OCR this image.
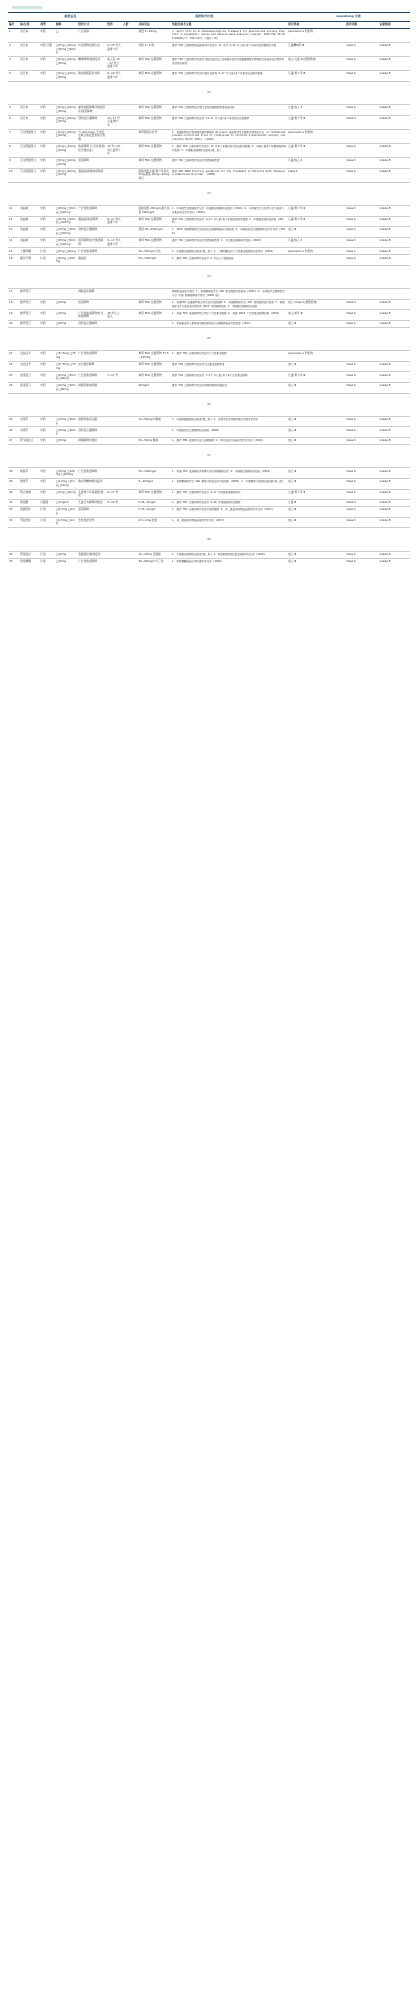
	病患信息					服药时序内容			xiaosheng 分级		
编号	病名/组	剂型	辅料	给药方式	给药	人群	具体用法	依据及参考文献	研究机构	推荐等级	证据级别
1	双日本	中药	□	广泛疾病			剂量 5~10mg	J. April Chin et al.Phenomenological framework for generalized anxiety disorder: a systematic review and network meta-analysis [Lancet. 2020 Feb 29;395(10225):P. 160-167]. (国外一项)	piscosedo e 科机构		
2	双日本	中药 口服	□5mg □10mg □30mg □60mg	巧述药物疾病诊治	6~15 岁儿童青少年		连续 2~3 周	推荐 FDA 注册药物经临床研究疗效治疗 12 月内 6~14 岁儿童/青少年症状时需要规范方案	儿童精神科 Ⅲ	Class Ⅱ	Grade B
3	双日本	中药	□5mg □10mg □30mg	精神障碍/焦虑症状	成人及 15~17 岁儿童青少年		单用 FDA 注册药物	推荐 FDA 注册药物疗效治疗(相比安慰剂),经年随访资料及依据整理提示精神症状疾病诊治过程持续治疗相关研究;	成人/儿童 Ⅲ (德国机构)	Class Ⅱ	Grade B
4	双日本	中药	□5mg □10mg □30mg	焦虑抑郁症状共病	6~16 岁儿童青少年		单用 FDA 注册药物	推荐 FDA 注册药物疗效治疗相比安慰剂 6~17 岁儿童/青少年焦虑诊治研究数据	儿童/青少年 Ⅲ	Class Ⅱ	Grade B
02											
5	双日本	中药	□5mg □10mg □30mg	重性抑郁障碍伴焦虑症状/惊恐障碍			单用 FDA 注册药物	推荐 FDA 注册药物治疗组于重症抑郁障碍患者临床试验	儿童/成人 Ⅱ	Class Ⅱ	Grade B
6	双日本	中药	□5mg □10mg □30mg	创伤后应激障碍	13~17 岁儿童/青少年		单用 FDA 注册药物	推荐 FDA 注册药物疗效治疗 13~17 岁儿童/青少年创伤后应激障碍	儿童/青少年 Ⅲ	Class Ⅱ	Grade B
7	艾司西酞普兰	中药	□5mg □10mg □20mg	与 (Clinician) 专业医生联合焦虑量表综合管理			单用医院诊疗学	1. 依据医院诊疗指南规范推荐精神科 Wijlaars 临床研究基于随机对照试验方法 (A randomized placebo-controlled trial of citalopram in children's/adolescent anxiety comorbidity Month 2021). (2019)	piscosedo e 科机构		
8	艾司西酞普兰	中药	□5mg □10mg □20mg	焦虑障碍 (广泛性焦虑/社交焦虑症)	15 岁~18 岁儿童青少年		单用 FDA 注册药物	1. 推荐 FDA 注册药物疗效治疗 12 岁青少年焦虑症状诊治研究数据 2. 中国儿童青少年精神障碍诊疗指南 3. 中国焦虑障碍防治指南(第二版)	儿童/青少年 Ⅲ	Class Ⅱ	Grade B
9	艾司西酞普兰	中药	□5mg □10mg □20mg	惊恐障碍			单用 FDA 注册药物	推荐 FDA 注册药物疗效治疗惊恐障碍患者	儿童/成人 Ⅱ	Class Ⅱ	Grade B
10	艾司西酞普兰	中药	□5mg □10mg □20mg	强迫症/抑郁共病焦虑			起始剂量儿童/青少年每天 5mg,最高 10mg~20mg 每日	推荐 APA 2009 Practice guideline for the Treatment of Patients With Obsessive-Compulsive Disorder. (2009)	Class Ⅱ	Class Ⅱ	Grade B
03											
11	舍曲林	中药	□25mg □50mg □100mg	广泛性焦虑障碍			起始剂量 25mg/d,最大剂量 200mg/d	1. 中华医学会精神医学分会《中国焦虑障碍防治指南》(2016) 2. 中华医学会儿科学分会儿童青少年焦虑诊治专家共识 (2019)	儿童/青少年 Ⅲ	Class Ⅱ	Grade B
12	舍曲林	中药	□25mg □50mg □100mg	强迫症/焦虑障碍	6~17 岁儿童青少年		单用 FDA 注册药物	推荐 FDA 注册药物疗效治疗 6~17 岁儿童/青少年强迫症研究数据 2. 中国强迫症防治指南 (2016)	儿童/青少年 Ⅲ	Class Ⅱ	Grade B
13	舍曲林	中药	□25mg □50mg □100mg	创伤后应激障碍			剂量 50~200mg/d	1. 2019 美国精神医学会创伤后应激障碍临床实践指南 2. 中国创伤后应激障碍防治专家共识 (2020)	成人 Ⅲ	Class Ⅱ	Grade B
14	舍曲林	中药	□25mg □50mg □100mg	惊恐障碍/社交焦虑障碍	6~17 岁儿童青少年		单用 FDA 注册药物	推荐 FDA 注册药物疗效治疗惊恐障碍患者 2. 社交焦虑障碍诊疗指南 (2018)	儿童/成人 Ⅱ	Class Ⅱ	Grade B
15	丁螺环酮	片剂	□5mg □10mg	广泛性焦虑障碍			20~30mg/d 分次	1. 中国焦虑障碍防治指南(第二版) 2. 丁螺环酮治疗广泛性焦虑障碍的系统评价 (2019)	piscosedo e 科机构	Class Ⅱ	Grade B
16	氟伏沙明	片剂	□50mg □100mg	强迫症			50~300mg/d	1. 推荐 FDA 注册药物疗效治疗 8 岁以上儿童强迫症		Class Ⅱ	Grade B
04											
17	帕罗西汀			神经症性障碍				精神科临床诊疗规范 1. 美国精神医学会 APA 焦虑障碍实践指南 (2020) 2. 中华医学会精神医学分会 中国 精神障碍诊疗规范 (2020 版)			
18	帕罗西汀	中药	□20mg	惊恐障碍			单用 FDA 注册药物	1. 美国FDA 批准帕罗西汀用于治疗惊恐障碍 2. 美国精神医学会 APA 惊恐障碍治疗指南 3. 英国国家卫生与临床优化研究所 NICE 惊恐障碍指南 4. 中国焦虑障碍防治指南	成人 Class Ⅱ (德国机构)	Class Ⅱ	Grade B
19	帕罗西汀	中药	□20mg	广泛性焦虑障碍/社交焦虑障碍	18 岁以上成人		单用 FDA 注册药物	1. 美国 FDA 批准帕罗西汀用于广泛性焦虑障碍 2. 英国 NICE 广泛性焦虑障碍指南 (2019)	成人/老年 Ⅲ	Class Ⅱ	Grade B
20	帕罗西汀	中药	□20mg	创伤后应激障碍				1. 美国退伍军人事务部/国防部创伤后应激障碍临床实践指南 (2017)	成人 Ⅲ	Class Ⅱ	Grade B
05											
21	文拉法辛	中药	□37.5mg □75mg	广泛性焦虑障碍			单用 FDA 注册药物 37.5~225mg	1. 推荐 FDA 注册药物疗效治疗广泛性焦虑障碍	piscosedo e 科机构		
22	文拉法辛	中药	□37.5mg □75mg	社交焦虑障碍			单用 FDA 注册药物	推荐 FDA 注册药物疗效治疗社交焦虑障碍患者	成人 Ⅲ	Class Ⅱ	Grade B
23	度洛西汀	中药	□20mg □30mg □60mg	广泛性焦虑障碍	7~17 岁		单用 FDA 注册药物	推荐 FDA 注册药物疗效治疗 7~17 岁儿童/青少年广泛性焦虑障碍	儿童/青少年 Ⅲ	Class Ⅱ	Grade B
24	度洛西汀	中药	□20mg □30mg □60mg	抑郁伴躯体疼痛			60mg/d	推荐 FDA 注册药物疗效治疗抑郁伴躯体疼痛症状	成人 Ⅲ	Class Ⅱ	Grade B
06											
25	米氮平	中药	□15mg □30mg	抑郁伴焦虑失眠			15~45mg/d 睡前	1. 中国抑郁障碍防治指南(第二版) 2. 米氮平治疗抑郁伴焦虑失眠专家共识	成人 Ⅲ	Class Ⅱ	Grade B
26	米氮平	中药	□15mg □30mg	创伤后应激障碍				1. 中国创伤后应激障碍防治指南 (2020)	成人 Ⅲ	Class Ⅱ	Grade B
27	阿戈美拉汀	中药	□25mg	抑郁障碍伴焦虑			25~50mg 睡前	1. 推荐 EMA 批准用于成人抑郁障碍 2. 阿戈美拉汀临床应用专家共识 (2019)	成人 Ⅲ	Class Ⅱ	Grade B
07											
28	喹硫平	中药	□25mg □100mg □200mg	广泛性焦虑障碍			50~300mg/d	1. 美国 FDA 批准喹硫平缓释片用于抑郁辅助治疗 2. 中国焦虑障碍防治指南 (2016)	成人 Ⅲ	Class Ⅱ	Grade B
29	奥氮平	中药	□2.5mg □5mg □10mg	焦虑伴精神病性症状			5~20mg/d	1. 美国精神医学会 APA 精神分裂症治疗实践指南 (2020) 2. 中国精神分裂症防治指南(第二版)	成人 Ⅲ	Class Ⅱ	Grade B
30	阿立哌唑	中药	□5mg □10mg	儿童青少年易激惹/焦虑	6~17 岁		单用 FDA 注册药物	1. 推荐 FDA 注册药物疗效治疗 6~17 岁孤独症易激惹症状	儿童/青少年 Ⅲ	Class Ⅱ	Grade B
31	利培酮	口服液	□1mg/ml	儿童行为障碍伴焦虑	5~16 岁		0.25~3mg/d	1. 推荐 FDA 注册药物疗效治疗 5~16 岁孤独症相关易激惹	儿童 Ⅲ	Class Ⅱ	Grade B
32	氯硝西泮	片剂	□0.5mg □2mg	惊恐障碍			0.25~4mg/d	1. 推荐 FDA 注册药物疗效治疗惊恐障碍 2. 苯二氮䓬类药物临床使用专家共识 (2017)	成人 Ⅲ	Class Ⅱ	Grade B
33	劳拉西泮	片剂	□0.5mg □1mg	急性焦虑发作			0.5~2mg 按需	1. 苯二氮䓬类药物临床使用专家共识 (2017)	成人 Ⅲ	Class Ⅱ	Grade B
08											
34	普萘洛尔	片剂	□10mg	表演焦虑/躯体症状			10~40mg 表演前	1. 中国焦虑障碍防治指南(第二版) 2. β受体阻滞剂在焦虑障碍中的应用 (2018)	成人 Ⅲ	Class Ⅱ	Grade B
35	坦度螺酮	片剂	□10mg	广泛性焦虑障碍			30~60mg/d 分三次	1. 坦度螺酮临床应用中国专家共识 (2020)	成人 Ⅲ	Class Ⅱ	Grade B
